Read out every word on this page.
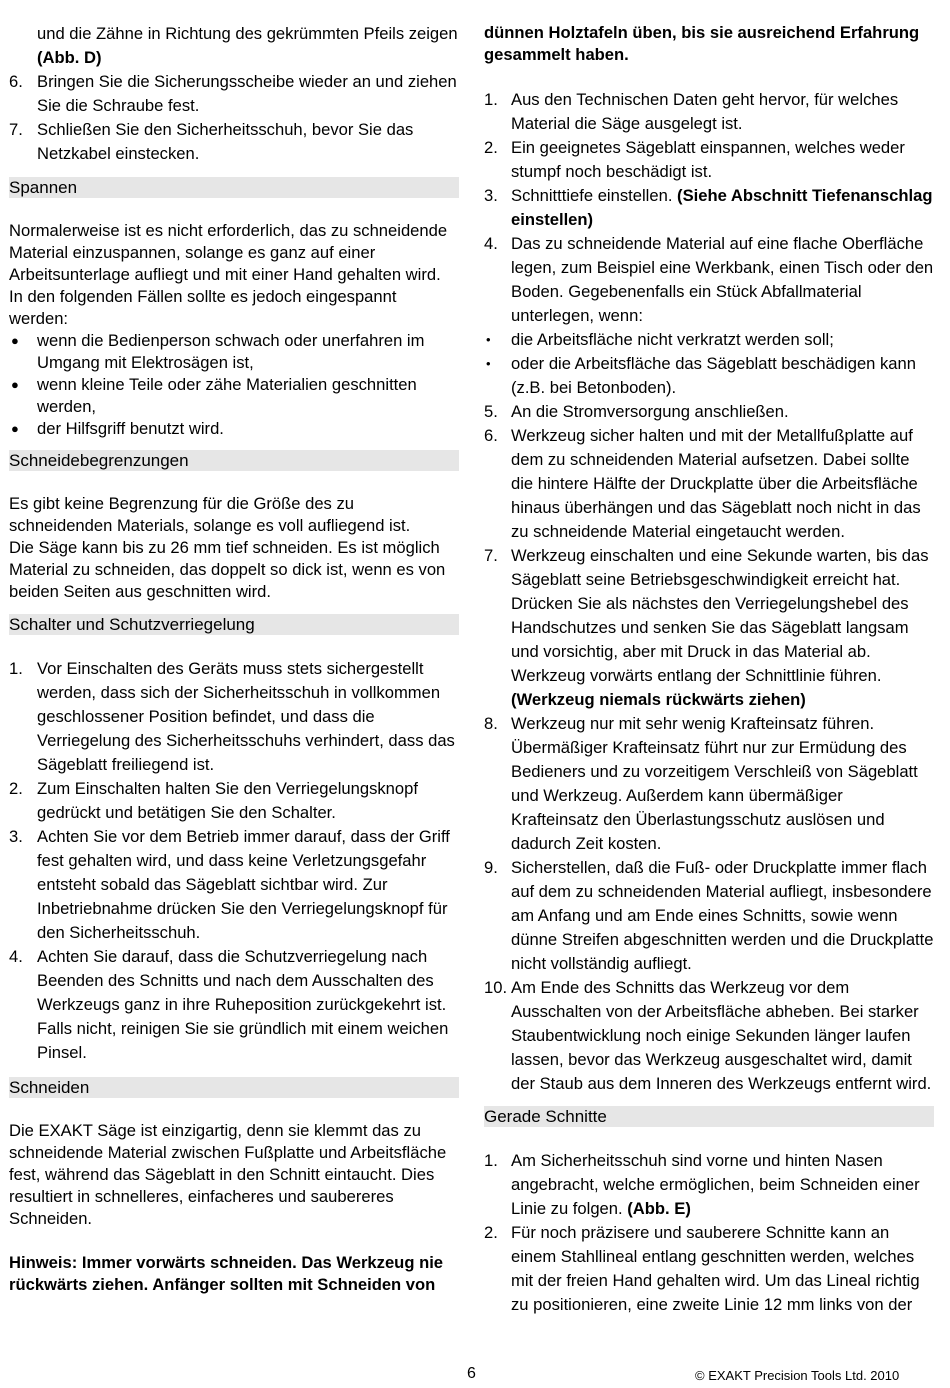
und die Zähne in Richtung des gekrümmten Pfeils zeigen (Abb. D)
6. Bringen Sie die Sicherungsscheibe wieder an und ziehen Sie die Schraube fest.
7. Schließen Sie den Sicherheitsschuh, bevor Sie das Netzkabel einstecken.
Spannen

Normalerweise ist es nicht erforderlich, das zu schneidende Material einzuspannen, solange es ganz auf einer Arbeitsunterlage aufliegt und mit einer Hand gehalten wird. In den folgenden Fällen sollte es jedoch eingespannt werden:

● wenn die Bedienperson schwach oder unerfahren im Umgang mit Elektrosägen ist,
● wenn kleine Teile oder zähe Materialien geschnitten werden,
● der Hilfsgriff benutzt wird.
Schneidebegrenzungen

Es gibt keine Begrenzung für die Größe des zu schneidenden Materials, solange es voll aufliegend ist.

Die Säge kann bis zu 26 mm tief schneiden. Es ist möglich Material zu schneiden, das doppelt so dick ist, wenn es von beiden Seiten aus geschnitten wird.

Schalter und Schutzverriegelung
1. Vor Einschalten des Geräts muss stets sichergestellt werden, dass sich der Sicherheitsschuh in vollkommen geschlossener Position befindet, und dass die Verriegelung des Sicherheitsschuhs verhindert, dass das Sägeblatt freiliegend ist.
2. Zum Einschalten halten Sie den Verriegelungsknopf gedrückt und betätigen Sie den Schalter.
3. Achten Sie vor dem Betrieb immer darauf, dass der Griff fest gehalten wird, und dass keine Verletzungsgefahr entsteht sobald das Sägeblatt sichtbar wird. Zur Inbetriebnahme drücken Sie den Verriegelungsknopf für den Sicherheitsschuh.
4. Achten Sie darauf, dass die Schutzverriegelung nach Beenden des Schnitts und nach dem Ausschalten des Werkzeugs ganz in ihre Ruheposition zurückgekehrt ist. Falls nicht, reinigen Sie sie gründlich mit einem weichen Pinsel.
Schneiden

Die EXAKT Säge ist einzigartig, denn sie klemmt das zu schneidende Material zwischen Fußplatte und Arbeitsfläche fest, während das Sägeblatt in den Schnitt eintaucht. Dies resultiert in schnelleres, einfacheres und saubereres Schneiden.

Hinweis: Immer vorwärts schneiden. Das Werkzeug nie rückwärts ziehen. Anfänger sollten mit Schneiden von

dünnen Holztafeln üben, bis sie ausreichend Erfahrung gesammelt haben.

1. Aus den Technischen Daten geht hervor, für welches Material die Säge ausgelegt ist.
2. Ein geeignetes Sägeblatt einspannen, welches weder stumpf noch beschädigt ist.
3. Schnitttiefe einstellen. (Siehe Abschnitt Tiefenanschlag einstellen)
4. Das zu schneidende Material auf eine flache Oberfläche legen, zum Beispiel eine Werkbank, einen Tisch oder den Boden. Gegebenenfalls ein Stück Abfallmaterial unterlegen, wenn:
• die Arbeitsfläche nicht verkratzt werden soll;
• oder die Arbeitsfläche das Sägeblatt beschädigen kann (z.B. bei Betonboden).
5. An die Stromversorgung anschließen.
6. Werkzeug sicher halten und mit der Metallfußplatte auf dem zu schneidenden Material aufsetzen. Dabei sollte die hintere Hälfte der Druckplatte über die Arbeitsfläche hinaus überhängen und das Sägeblatt noch nicht in das zu schneidende Material eingetaucht werden.
7. Werkzeug einschalten und eine Sekunde warten, bis das Sägeblatt seine Betriebsgeschwindigkeit erreicht hat. Drücken Sie als nächstes den Verriegelungshebel des Handschutzes und senken Sie das Sägeblatt langsam und vorsichtig, aber mit Druck in das Material ab. Werkzeug vorwärts entlang der Schnittlinie führen. (Werkzeug niemals rückwärts ziehen)
8. Werkzeug nur mit sehr wenig Krafteinsatz führen. Übermäßiger Krafteinsatz führt nur zur Ermüdung des Bedieners und zu vorzeitigem Verschleiß von Sägeblatt und Werkzeug. Außerdem kann übermäßiger Krafteinsatz den Überlastungsschutz auslösen und dadurch Zeit kosten.
9. Sicherstellen, daß die Fuß- oder Druckplatte immer flach auf dem zu schneidenden Material aufliegt, insbesondere am Anfang und am Ende eines Schnitts, sowie wenn dünne Streifen abgeschnitten werden und die Druckplatte nicht vollständig aufliegt.
10. Am Ende des Schnitts das Werkzeug vor dem Ausschalten von der Arbeitsfläche abheben. Bei starker Staubentwicklung noch einige Sekunden länger laufen lassen, bevor das Werkzeug ausgeschaltet wird, damit der Staub aus dem Inneren des Werkzeugs entfernt wird.
Gerade Schnitte
1. Am Sicherheitsschuh sind vorne und hinten Nasen angebracht, welche ermöglichen, beim Schneiden einer Linie zu folgen. (Abb. E)
2. Für noch präzisere und sauberere Schnitte kann an einem Stahllineal entlang geschnitten werden, welches mit der freien Hand gehalten wird. Um das Lineal richtig zu positionieren, eine zweite Linie 12 mm links von der
6	© EXAKT Precision Tools Ltd. 2010
